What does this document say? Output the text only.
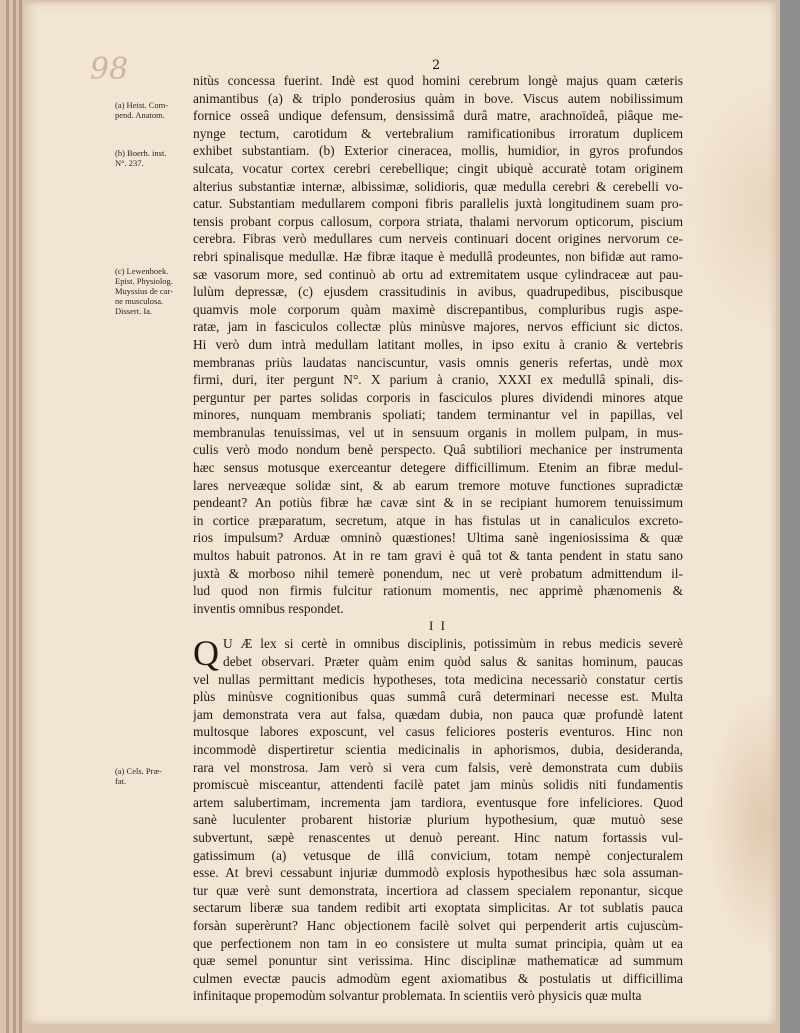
98	2
(a) Heist. Com-
pend. Anatom.
(b) Boerh. inst.
N°. 237.
(c) Lewenhoek.
Epist. Physiolog.
Muyssius de car-
ne musculosa.
Dissert. Ia.
(a) Cels. Præ-
fat.
nitùs concessa fuerint. Indè est quod homini cerebrum longè majus quam cæteris
animantibus (a) & triplo ponderosius quàm in bove. Viscus autem nobilissimum
fornice osseâ undique defensum, densissimâ durâ matre, arachnoïdeâ, piâque me-
nynge tectum, carotidum & vertebralium ramificationibus irroratum duplicem
exhibet substantiam. (b) Exterior cineracea, mollis, humidior, in gyros profundos
sulcata, vocatur cortex cerebri cerebellique; cingit ubiquè accuratè totam originem
alterius substantiæ internæ, albissimæ, solidioris, quæ medulla cerebri & cerebelli vo-
catur. Substantiam medullarem componi fibris parallelis juxtà longitudinem suam pro-
tensis probant corpus callosum, corpora striata, thalami nervorum opticorum, piscium
cerebra. Fibras verò medullares cum nerveis continuari docent origines nervorum ce-
rebri spinalisque medullæ. Hæ fibræ itaque è medullâ prodeuntes, non bifidæ aut ramo-
sæ vasorum more, sed continuò ab ortu ad extremitatem usque cylindraceæ aut pau-
lulùm depressæ, (c) ejusdem crassitudinis in avibus, quadrupedibus, piscibusque
quamvis mole corporum quàm maximè discrepantibus, compluribus rugis aspe-
ratæ, jam in fasciculos collectæ plùs minùsve majores, nervos efficiunt sic dictos.
Hi verò dum intrà medullam latitant molles, in ipso exitu à cranio & vertebris
membranas priùs laudatas nanciscuntur, vasis omnis generis refertas, undè mox
firmi, duri, iter pergunt N°. X parium à cranio, XXXI ex medullâ spinali, dis-
perguntur per partes solidas corporis in fasciculos plures dividendi minores atque
minores, nunquam membranis spoliati; tandem terminantur vel in papillas, vel
membranulas tenuissimas, vel ut in sensuum organis in mollem pulpam, in mus-
culis verò modo nondum benè perspecto. Quâ subtiliori mechanice per instrumenta
hæc sensus motusque exerceantur detegere difficillimum. Etenim an fibræ medul-
lares nerveæque solidæ sint, & ab earum tremore motuve functiones supradictæ
pendeant? An potiùs fibræ hæ cavæ sint & in se recipiant humorem tenuissimum
in cortice præparatum, secretum, atque in has fistulas ut in canaliculos excreto-
rios impulsum? Arduæ omninò quæstiones! Ultima sanè ingeniosissima & quæ
multos habuit patronos. At in re tam gravi è quâ tot & tanta pendent in statu sano
juxtà & morboso nihil temerè ponendum, nec ut verè probatum admittendum il-
lud quod non firmis fulcitur rationum momentis, nec apprimè phænomenis &
inventis omnibus respondet.
I I
Q U Æ lex si certè in omnibus disciplinis, potissimùm in rebus medicis severè
debet observari. Præter quàm enim quòd salus & sanitas hominum, paucas
vel nullas permittant medicis hypotheses, tota medicina necessariò constatur certis
plùs minùsve cognitionibus quas summâ curâ determinari necesse est. Multa
jam demonstrata vera aut falsa, quædam dubia, non pauca quæ profundè latent
multosque labores exposcunt, vel casus feliciores posteris eventuros. Hinc non
incommodè dispertiretur scientia medicinalis in aphorismos, dubia, desideranda,
rara vel monstrosa. Jam verò si vera cum falsis, verè demonstrata cum dubiis
promiscuè misceantur, attendenti facilè patet jam minùs solidis niti fundamentis
artem salubertimam, incrementa jam tardiora, eventusque fore infeliciores. Quod
sanè luculenter probarent historiæ plurium hypothesium, quæ mutuò sese
subvertunt, sæpè renascentes ut denuò pereant. Hinc natum fortassis vul-
gatissimum (a) vetusque de illâ convicium, totam nempè conjecturalem
esse. At brevi cessabunt injuriæ dummodò explosis hypothesibus hæc sola assuman-
tur quæ verè sunt demonstrata, incertiora ad classem specialem reponantur, sicque
sectarum liberæ sua tandem redibit arti exoptata simplicitas. Ar tot sublatis pauca
forsàn superèrunt? Hanc objectionem facilè solvet qui perpenderit artis cujuscùm-
que perfectionem non tam in eo consistere ut multa sumat principia, quàm ut ea
quæ semel ponuntur sint verissima. Hinc disciplinæ mathematicæ ad summum
culmen evectæ paucis admodùm egent axiomatibus & postulatis ut difficillima
infinitaque propemodùm solvantur problemata. In scientiis verò physicis quæ multa
